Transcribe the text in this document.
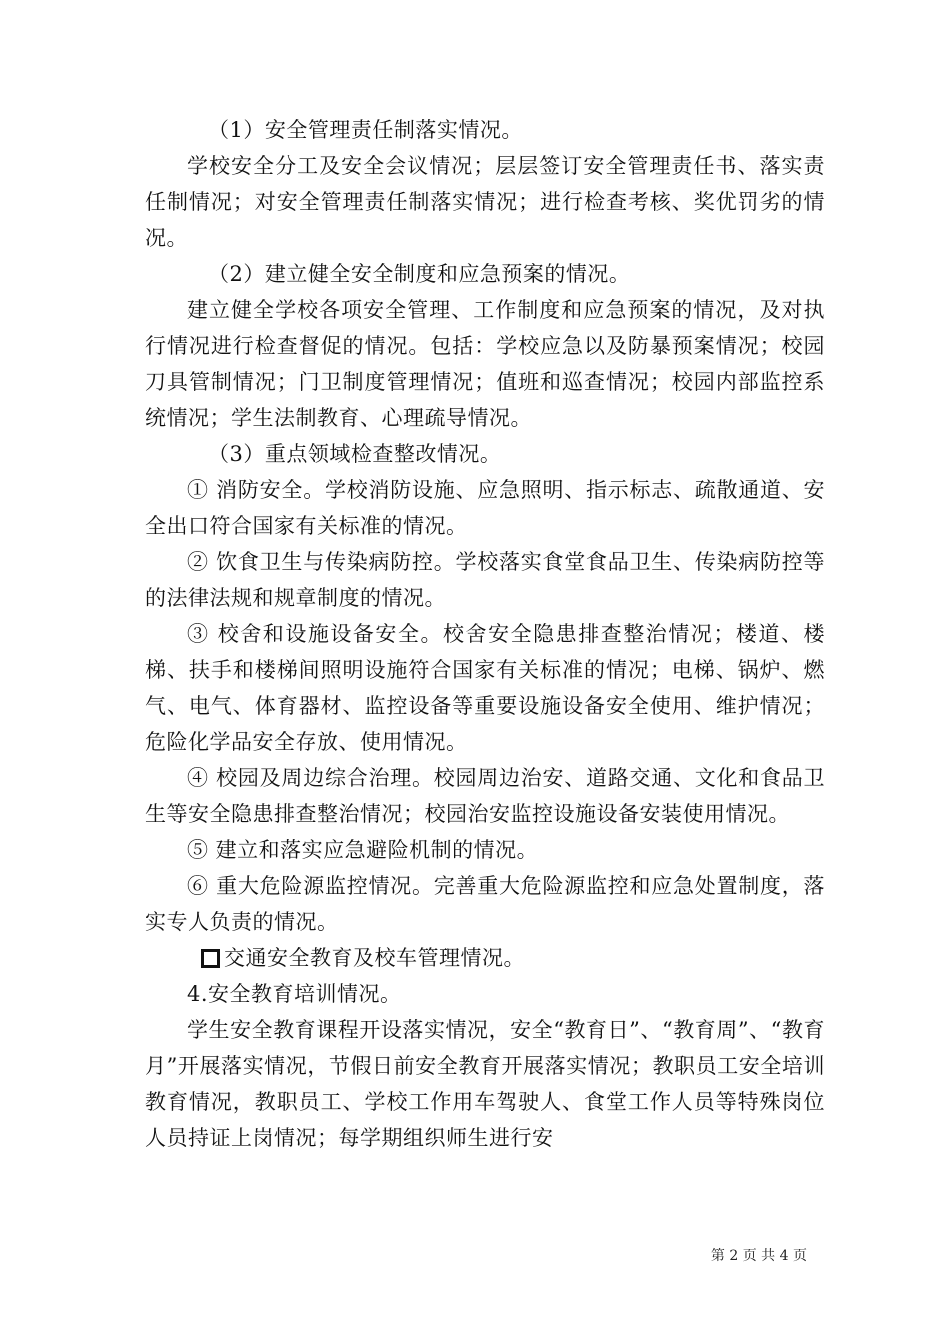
（1）安全管理责任制落实情况。

学校安全分工及安全会议情况；层层签订安全管理责任书、落实责任制情况；对安全管理责任制落实情况；进行检查考核、奖优罚劣的情况。

（2）建立健全安全制度和应急预案的情况。

建立健全学校各项安全管理、工作制度和应急预案的情况，及对执行情况进行检查督促的情况。包括：学校应急以及防暴预案情况；校园刀具管制情况；门卫制度管理情况；值班和巡查情况；校园内部监控系统情况；学生法制教育、心理疏导情况。

（3）重点领域检查整改情况。

① 消防安全。学校消防设施、应急照明、指示标志、疏散通道、安全出口符合国家有关标准的情况。

② 饮食卫生与传染病防控。学校落实食堂食品卫生、传染病防控等的法律法规和规章制度的情况。

③ 校舍和设施设备安全。校舍安全隐患排查整治情况；楼道、楼梯、扶手和楼梯间照明设施符合国家有关标准的情况；电梯、锅炉、燃气、电气、体育器材、监控设备等重要设施设备安全使用、维护情况；危险化学品安全存放、使用情况。

④ 校园及周边综合治理。校园周边治安、道路交通、文化和食品卫生等安全隐患排查整治情况；校园治安监控设施设备安装使用情况。

⑤ 建立和落实应急避险机制的情况。

⑥ 重大危险源监控情况。完善重大危险源监控和应急处置制度，落实专人负责的情况。

交通安全教育及校车管理情况。

4.安全教育培训情况。

学生安全教育课程开设落实情况，安全“教育日”、“教育周”、“教育月”开展落实情况，节假日前安全教育开展落实情况；教职员工安全培训教育情况，教职员工、学校工作用车驾驶人、食堂工作人员等特殊岗位人员持证上岗情况；每学期组织师生进行安

第 2 页 共 4 页
